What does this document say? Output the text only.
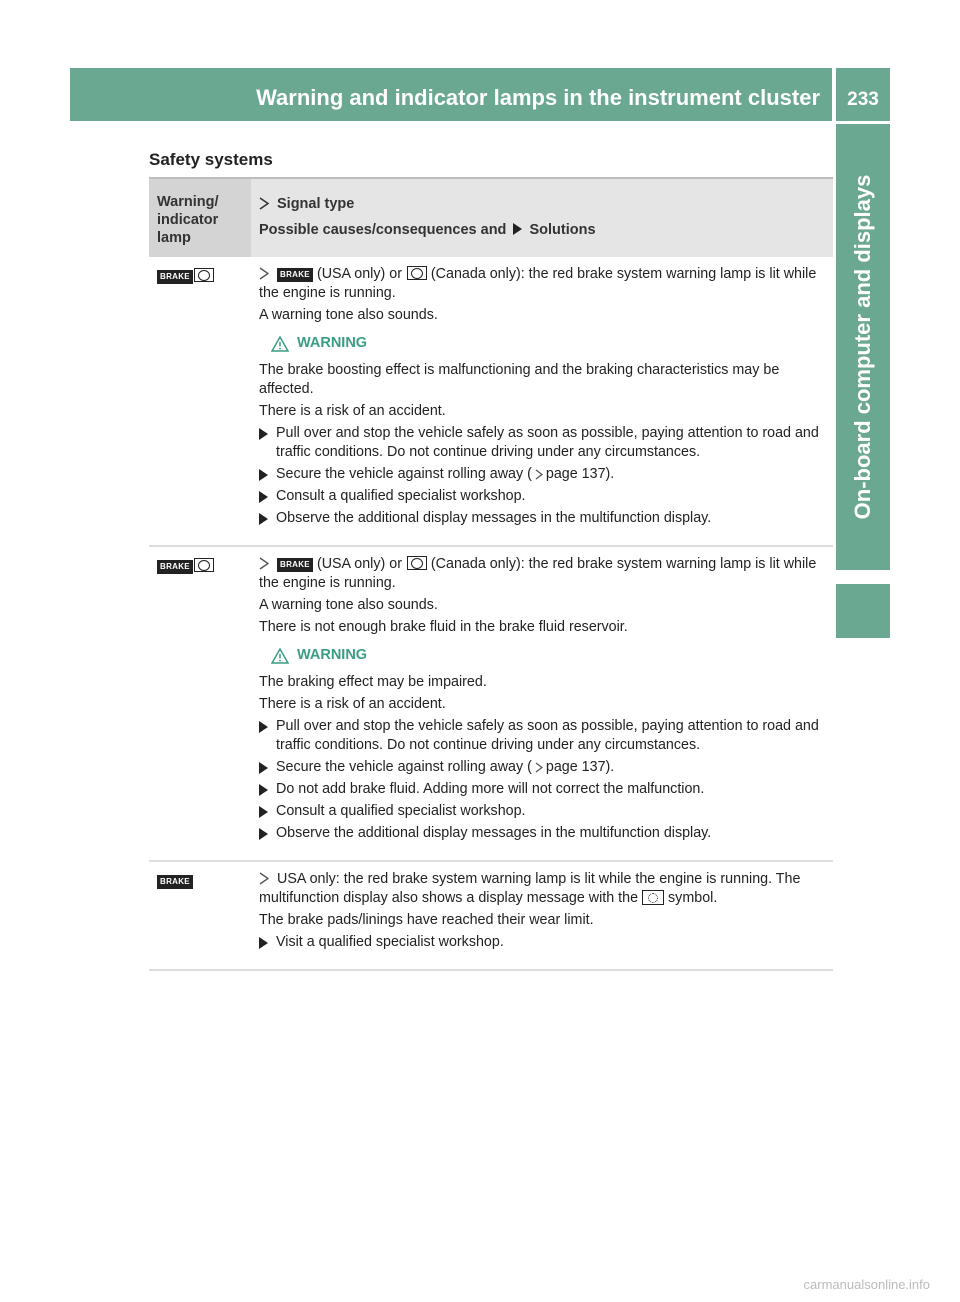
Warning and indicator lamps in the instrument cluster	233
On-board computer and displays
Safety systems
Warning/ indicator lamp
Signal type
Possible causes/consequences and Solutions
BRAKE	BRAKE (USA only) or (Canada only): the red brake system warning lamp is lit while the engine is running.

A warning tone also sounds.

WARNING

The brake boosting effect is malfunctioning and the braking characteristics may be affected.

There is a risk of an accident.

Pull over and stop the vehicle safely as soon as possible, paying attention to road and traffic conditions. Do not continue driving under any circumstances.
Secure the vehicle against rolling away ( page 137).
Consult a qualified specialist workshop.
Observe the additional display messages in the multifunction display.
BRAKE	BRAKE (USA only) or (Canada only): the red brake system warning lamp is lit while the engine is running.

A warning tone also sounds.

There is not enough brake fluid in the brake fluid reservoir.

WARNING

The braking effect may be impaired.

There is a risk of an accident.

Pull over and stop the vehicle safely as soon as possible, paying attention to road and traffic conditions. Do not continue driving under any circumstances.
Secure the vehicle against rolling away ( page 137).
Do not add brake fluid. Adding more will not correct the malfunction.
Consult a qualified specialist workshop.
Observe the additional display messages in the multifunction display.
BRAKE	USA only: the red brake system warning lamp is lit while the engine is running. The multifunction display also shows a display message with the symbol.

The brake pads/linings have reached their wear limit.

Visit a qualified specialist workshop.
carmanualsonline.info
